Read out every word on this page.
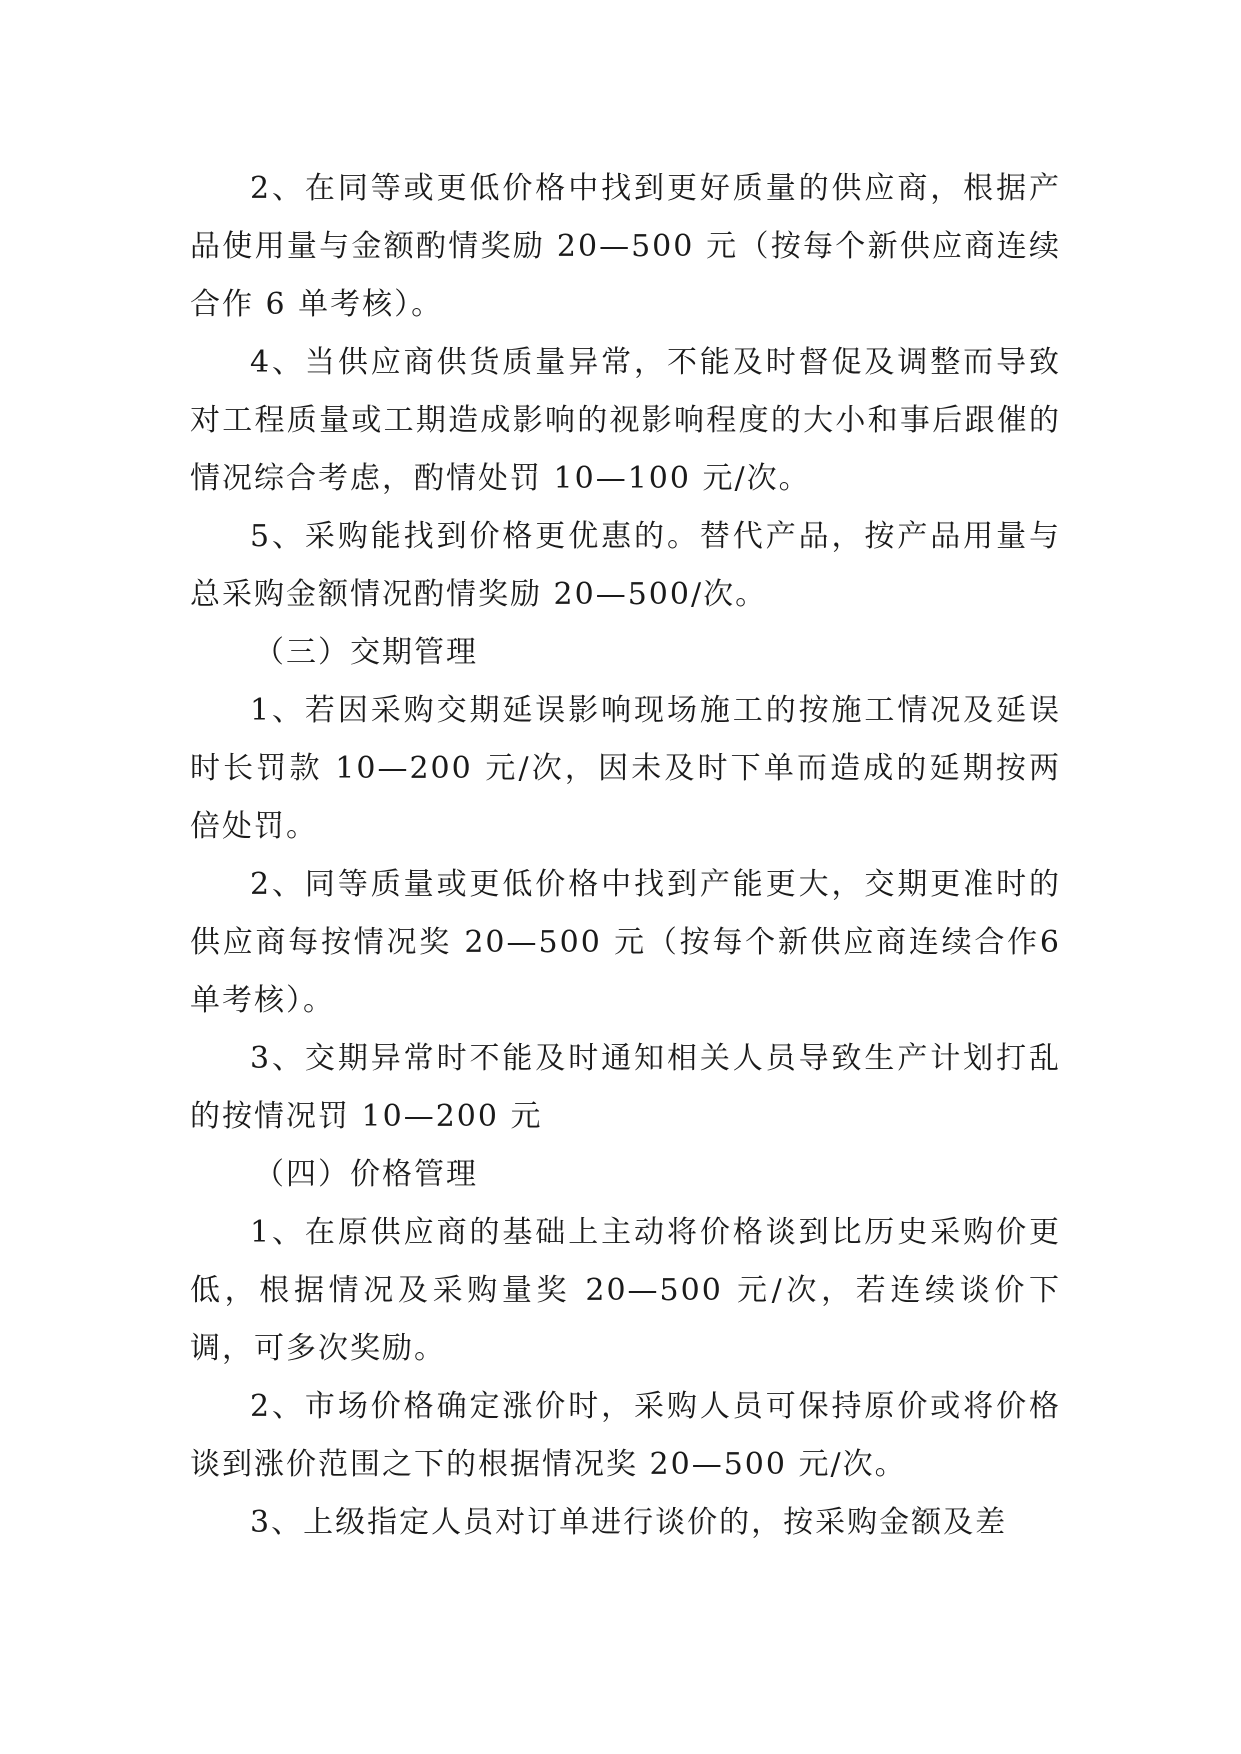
2、在同等或更低价格中找到更好质量的供应商，根据产品使用量与金额酌情奖励 20—500 元（按每个新供应商连续合作 6 单考核）。

4、当供应商供货质量异常，不能及时督促及调整而导致对工程质量或工期造成影响的视影响程度的大小和事后跟催的情况综合考虑，酌情处罚 10—100 元/次。

5、采购能找到价格更优惠的。替代产品，按产品用量与总采购金额情况酌情奖励 20—500/次。

（三）交期管理

1、若因采购交期延误影响现场施工的按施工情况及延误时长罚款 10—200 元/次，因未及时下单而造成的延期按两倍处罚。

2、同等质量或更低价格中找到产能更大，交期更准时的供应商每按情况奖 20—500 元（按每个新供应商连续合作6 单考核）。

3、交期异常时不能及时通知相关人员导致生产计划打乱的按情况罚 10—200 元

（四）价格管理

1、在原供应商的基础上主动将价格谈到比历史采购价更低，根据情况及采购量奖 20—500 元/次，若连续谈价下调，可多次奖励。

2、市场价格确定涨价时，采购人员可保持原价或将价格谈到涨价范围之下的根据情况奖 20—500 元/次。

3、上级指定人员对订单进行谈价的，按采购金额及差
